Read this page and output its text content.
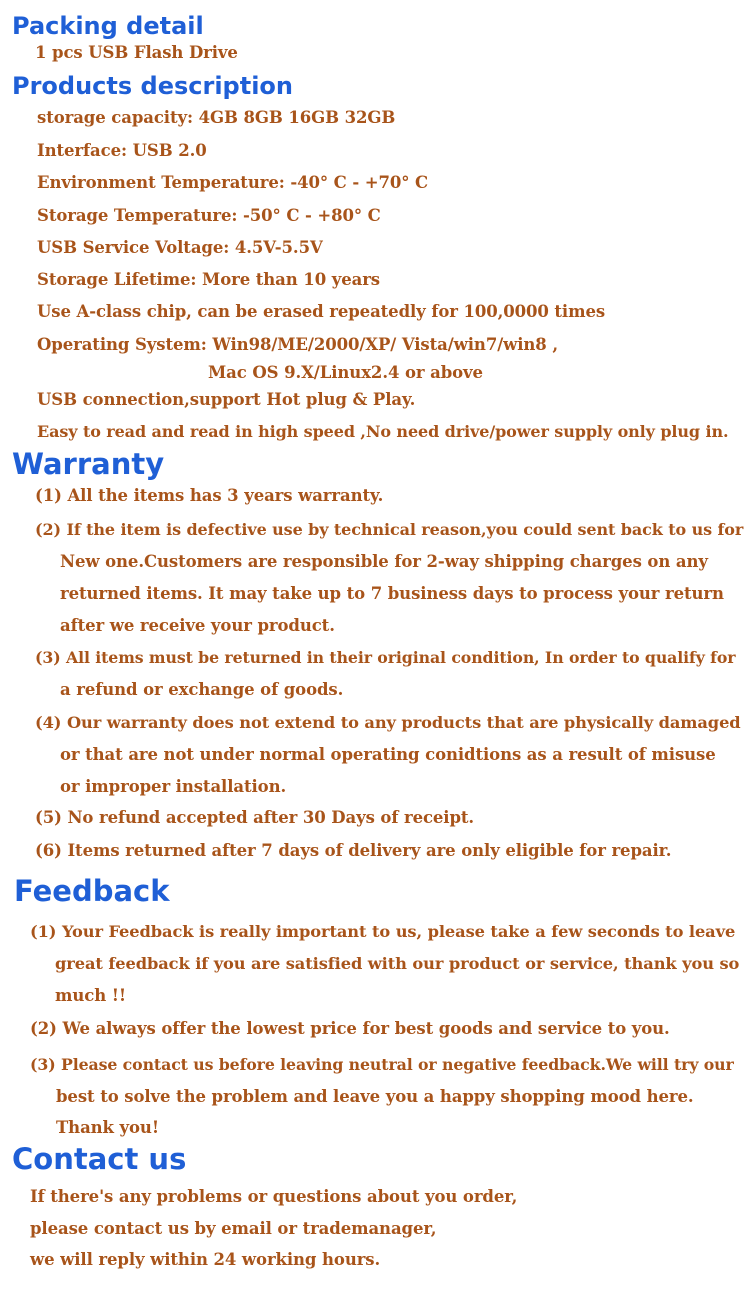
Packing detail

1 pcs USB Flash Drive

Products description

storage capacity: 4GB 8GB 16GB 32GB

Interface: USB 2.0

Environment Temperature: -40° C - +70° C

Storage Temperature: -50° C - +80° C

USB Service Voltage: 4.5V-5.5V

Storage Lifetime: More than 10 years

Use A-class chip, can be erased repeatedly for 100,0000 times

Operating System: Win98/ME/2000/XP/ Vista/win7/win8 ,

Mac OS 9.X/Linux2.4 or above

USB connection,support Hot plug & Play.

Easy to read and read in high speed ,No need drive/power supply only plug in.

Warranty

(1) All the items has 3 years warranty.

(2) If the item is defective use by technical reason,you could sent back to us for

New one.Customers are responsible for 2-way shipping charges on any

returned items. It may take up to 7 business days to process your return

after we receive your product.

(3) All items must be returned in their original condition, In order to qualify for

a refund or exchange of goods.

(4) Our warranty does not extend to any products that are physically damaged

or that are not under normal operating conidtions as a result of misuse

or improper installation.

(5) No refund accepted after 30 Days of receipt.

(6) Items returned after 7 days of delivery are only eligible for repair.

Feedback

(1) Your Feedback is really important to us, please take a few seconds to leave

great feedback if you are satisfied with our product or service, thank you so

much !!

(2) We always offer the lowest price for best goods and service to you.

(3) Please contact us before leaving neutral or negative feedback.We will try our

best to solve the problem and leave you a happy shopping mood here.

Thank you!

Contact us

If there's any problems or questions about you order,

please contact us by email or trademanager,

we will reply within 24 working hours.
